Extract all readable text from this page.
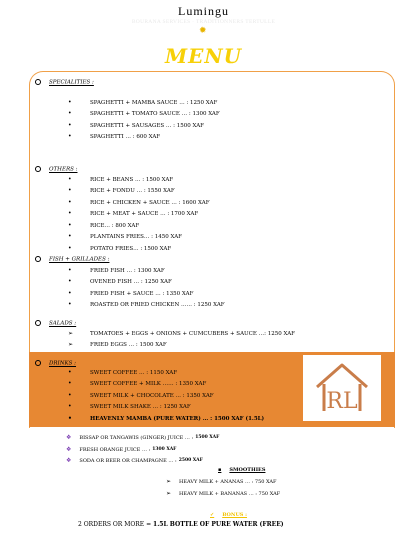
Lumingu
BOURANA SERVICES · TRADITIONNERS TERTULLE
✹
MENU
RL
SPECIALITIES :
•	SPAGHETTI + MAMBA SAUCE … : 1250 XAF
•	SPAGHETTI + TOMATO SAUCE … : 1300 XAF
•	SPAGHETTI + SAUSAGES … : 1500 XAF
•	SPAGHETTI … : 600 XAF
OTHERS :
•	RICE + BEANS … : 1500 XAF
•	RICE + FONDU … : 1550 XAF
•	RICE + CHICKEN + SAUCE … : 1600 XAF
•	RICE + MEAT + SAUCE … : 1700 XAF
•	RICE… : 800 XAF
•	PLANTAINS FRIES… : 1450 XAF
•	POTATO FRIES… : 1500 XAF
FISH + GRILLADES :
•	FRIED FISH … : 1300 XAF
•	OVENED FISH … : 1250 XAF
•	FRIED FISH + SAUCE … : 1350 XAF
•	ROASTED OR FRIED CHICKEN …… : 1250 XAF
SALADS :
➢	TOMATOES + EGGS + ONIONS + CUMCUBERS + SAUCE …: 1250 XAF
➢	FRIED EGGS … : 1500 XAF
DRINKS :
•	SWEET COFFEE … : 1150 XAF
•	SWEET COFFEE + MILK …… : 1350 XAF
•	SWEET MILK + CHOCOLATE … : 1350 XAF
•	SWEET MILK SHAKE … : 1250 XAF
•	HEAVENLY MAMBA (PURE WATER) … : 1500 XAF (1.5L)
❖ BISSAP OR TANGAWIS (GINGER) JUICE … : 1500 XAF
❖ FRESH ORANGE JUICE … : 1300 XAF
❖ SODA OR BEER OR CHAMPAGNE … : 2500 XAF
▪ SMOOTHIES
➢ HEAVY MILK + ANANAS … : 750 XAF
➢ HEAVY MILK + BANANAS … : 750 XAF
✓ BONUS :
2 ORDERS OR MORE = 1.5L BOTTLE OF PURE WATER (FREE)
